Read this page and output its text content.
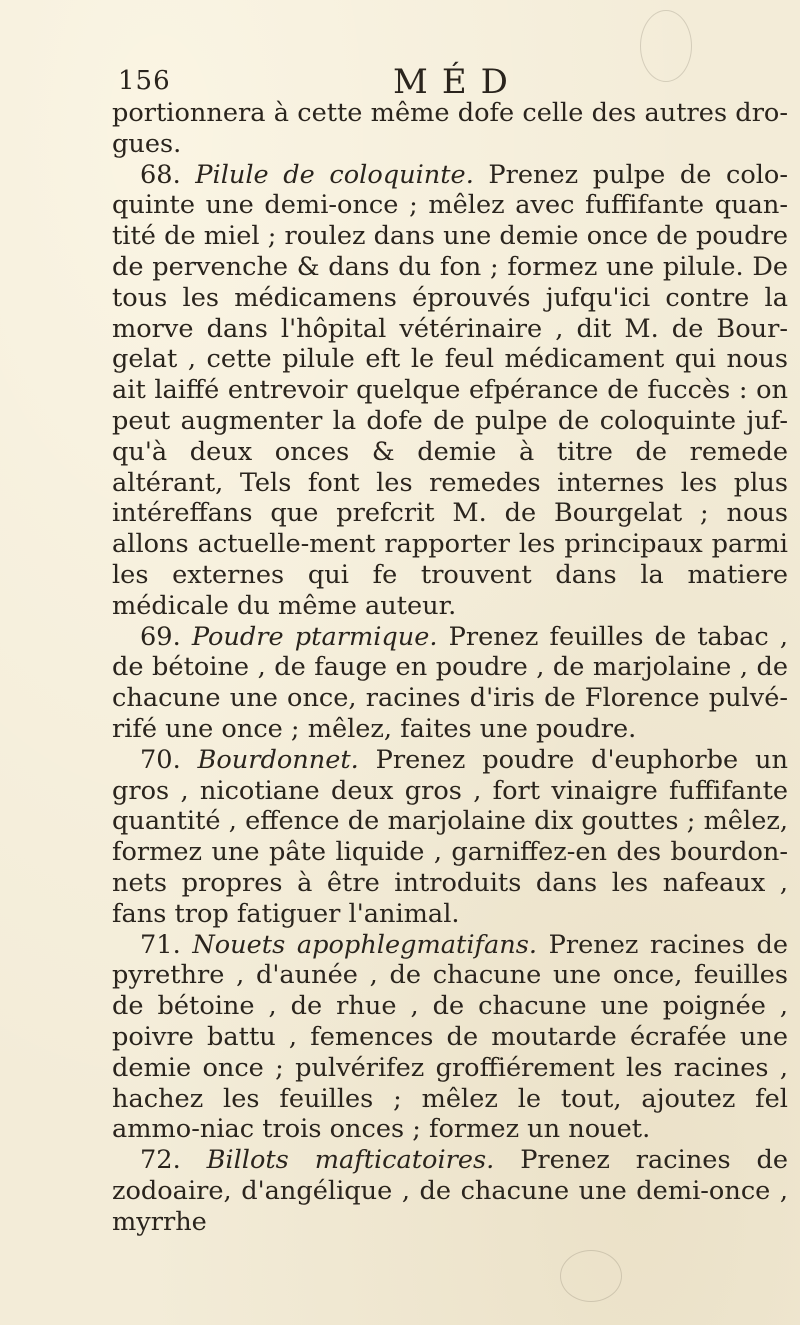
156	MÉD

portionnera à cette même dofe celle des autres dro-gues.

68. Pilule de coloquinte. Prenez pulpe de colo-quinte une demi-once ; mêlez avec fuffifante quan-tité de miel ; roulez dans une demie once de poudre de pervenche & dans du fon ; formez une pilule. De tous les médicamens éprouvés jufqu'ici contre la morve dans l'hôpital vétérinaire , dit M. de Bour-gelat , cette pilule eft le feul médicament qui nous ait laiffé entrevoir quelque efpérance de fuccès : on peut augmenter la dofe de pulpe de coloquinte juf-qu'à deux onces & demie à titre de remede altérant, Tels font les remedes internes les plus intéreffans que prefcrit M. de Bourgelat ; nous allons actuelle-ment rapporter les principaux parmi les externes qui fe trouvent dans la matiere médicale du même auteur.

69. Poudre ptarmique. Prenez feuilles de tabac , de bétoine , de fauge en poudre , de marjolaine , de chacune une once, racines d'iris de Florence pulvé-rifé une once ; mêlez, faites une poudre.

70. Bourdonnet. Prenez poudre d'euphorbe un gros , nicotiane deux gros , fort vinaigre fuffifante quantité , effence de marjolaine dix gouttes ; mêlez, formez une pâte liquide , garniffez-en des bourdon-nets propres à être introduits dans les nafeaux , fans trop fatiguer l'animal.

71. Nouets apophlegmatifans. Prenez racines de pyrethre , d'aunée , de chacune une once, feuilles de bétoine , de rhue , de chacune une poignée , poivre battu , femences de moutarde écrafée une demie once ; pulvérifez groffiérement les racines , hachez les feuilles ; mêlez le tout, ajoutez fel ammo-niac trois onces ; formez un nouet.

72. Billots mafticatoires. Prenez racines de zodoaire, d'angélique , de chacune une demi-once , myrrhe
